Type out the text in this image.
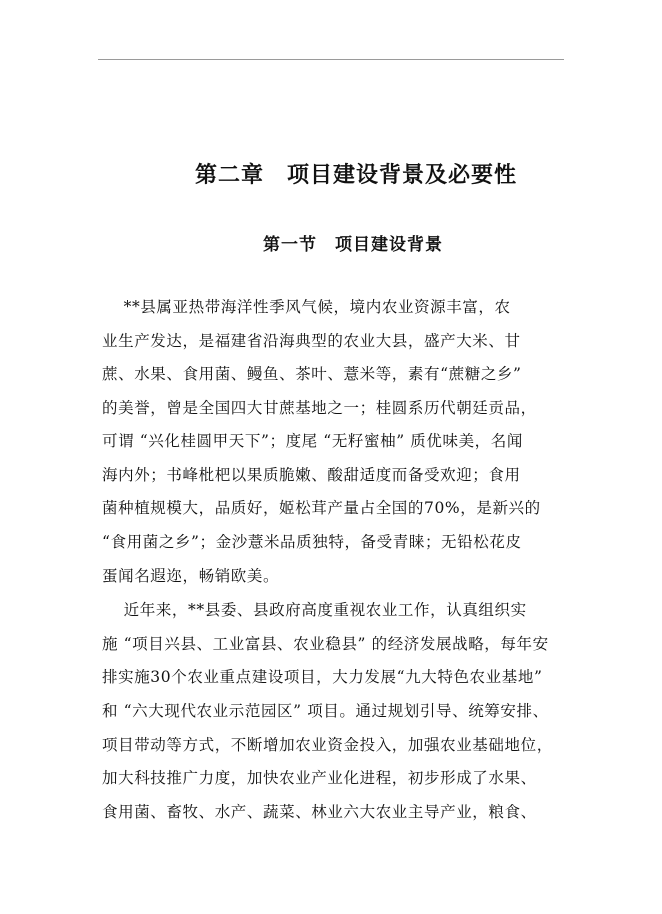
第二章　项目建设背景及必要性
第一节　项目建设背景
　 **县属亚热带海洋性季风气候，境内农业资源丰富，农
业生产发达，是福建省沿海典型的农业大县，盛产大米、甘
蔗、水果、食用菌、鳗鱼、茶叶、薏米等，素有“蔗糖之乡”
的美誉，曾是全国四大甘蔗基地之一；桂圆系历代朝廷贡品，
可谓 “兴化桂圆甲天下”；度尾 “无籽蜜柚” 质优味美，名闻
海内外；书峰枇杷以果质脆嫩、酸甜适度而备受欢迎；食用
菌种植规模大，品质好，姬松茸产量占全国的70%，是新兴的
“食用菌之乡”；金沙薏米品质独特，备受青睐；无铅松花皮
蛋闻名遐迩，畅销欧美。
　 近年来，**县委、县政府高度重视农业工作，认真组织实
施 “项目兴县、工业富县、农业稳县” 的经济发展战略，每年安
排实施30个农业重点建设项目，大力发展“九大特色农业基地”
和 “六大现代农业示范园区” 项目。通过规划引导、统筹安排、
项目带动等方式，不断增加农业资金投入，加强农业基础地位，
加大科技推广力度，加快农业产业化进程，初步形成了水果、
食用菌、畜牧、水产、蔬菜、林业六大农业主导产业，粮食、
